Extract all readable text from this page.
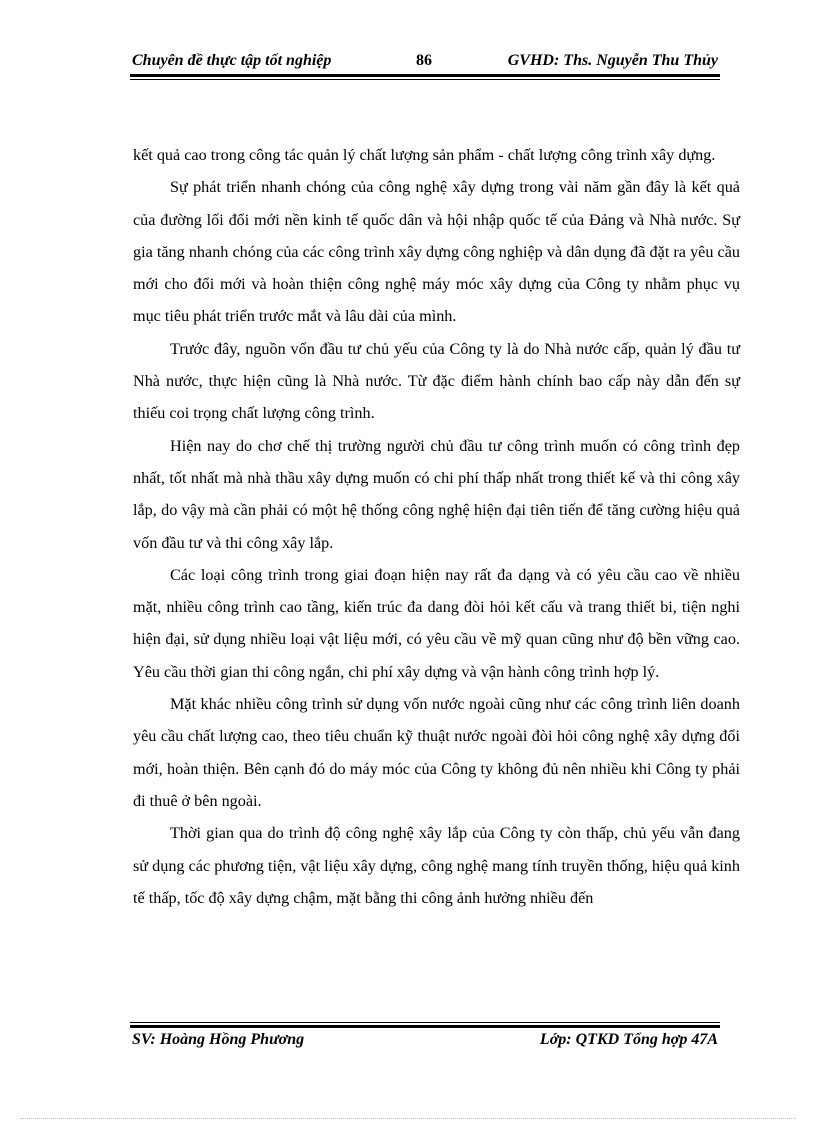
Chuyên đề thực tập tốt nghiệp	86	GVHD: Ths. Nguyễn Thu Thủy

kết quả cao trong công tác quản lý chất lượng sản phẩm - chất lượng công trình xây dựng.

Sự phát triển nhanh chóng của công nghệ xây dựng trong vài năm gần đây là kết quả của đường lối đổi mới nền kinh tế quốc dân và hội nhập quốc tế của Đảng và Nhà nước. Sự gia tăng nhanh chóng của các công trình xây dựng công nghiệp và dân dụng đã đặt ra yêu cầu mới cho đổi mới và hoàn thiện công nghệ máy móc xây dựng của Công ty nhằm phục vụ mục tiêu phát triển trước mắt và lâu dài của mình.

Trước đây, nguồn vốn đầu tư chủ yếu của Công ty là do Nhà nước cấp, quản lý đầu tư Nhà nước, thực hiện cũng là Nhà nước. Từ đặc điểm hành chính bao cấp này dẫn đến sự thiếu coi trọng chất lượng công trình.

Hiện nay do chơ chế thị trường người chủ đầu tư công trình muốn có công trình đẹp nhất, tốt nhất mà nhà thầu xây dựng muốn có chi phí thấp nhất trong thiết kế và thi công xây lắp, do vậy mà cần phải có một hệ thống công nghệ hiện đại tiên tiến để tăng cường hiệu quả vốn đầu tư và thi công xây lắp.

Các loại công trình trong giai đoạn hiện nay rất đa dạng và có yêu cầu cao về nhiều mặt, nhiều công trình cao tầng, kiến trúc đa dang đòi hỏi kết cấu và trang thiết bi, tiện nghi hiện đại, sử dụng nhiều loại vật liệu mới, có yêu cầu về mỹ quan cũng như độ bền vững cao. Yêu cầu thời gian thi công ngắn, chi phí xây dựng và vận hành công trình hợp lý.

Mặt khác nhiều công trình sử dụng vốn nước ngoài cũng như các công trình liên doanh yêu cầu chất lượng cao, theo tiêu chuẩn kỹ thuật nước ngoài đòi hỏi công nghệ xây dựng đổi mới, hoàn thiện. Bên cạnh đó do máy móc của Công ty không đủ nên nhiều khi Công ty phải đi thuê ở bên ngoài.

Thời gian qua do trình độ công nghệ xây lắp của Công ty còn thấp, chủ yếu vẫn đang sử dụng các phương tiện, vật liệu xây dựng, công nghệ mang tính truyền thống, hiệu quả kinh tế thấp, tốc độ xây dựng chậm, mặt bằng thi công ảnh hưởng nhiều đến

SV: Hoàng Hồng Phương	Lớp: QTKD Tổng hợp 47A
